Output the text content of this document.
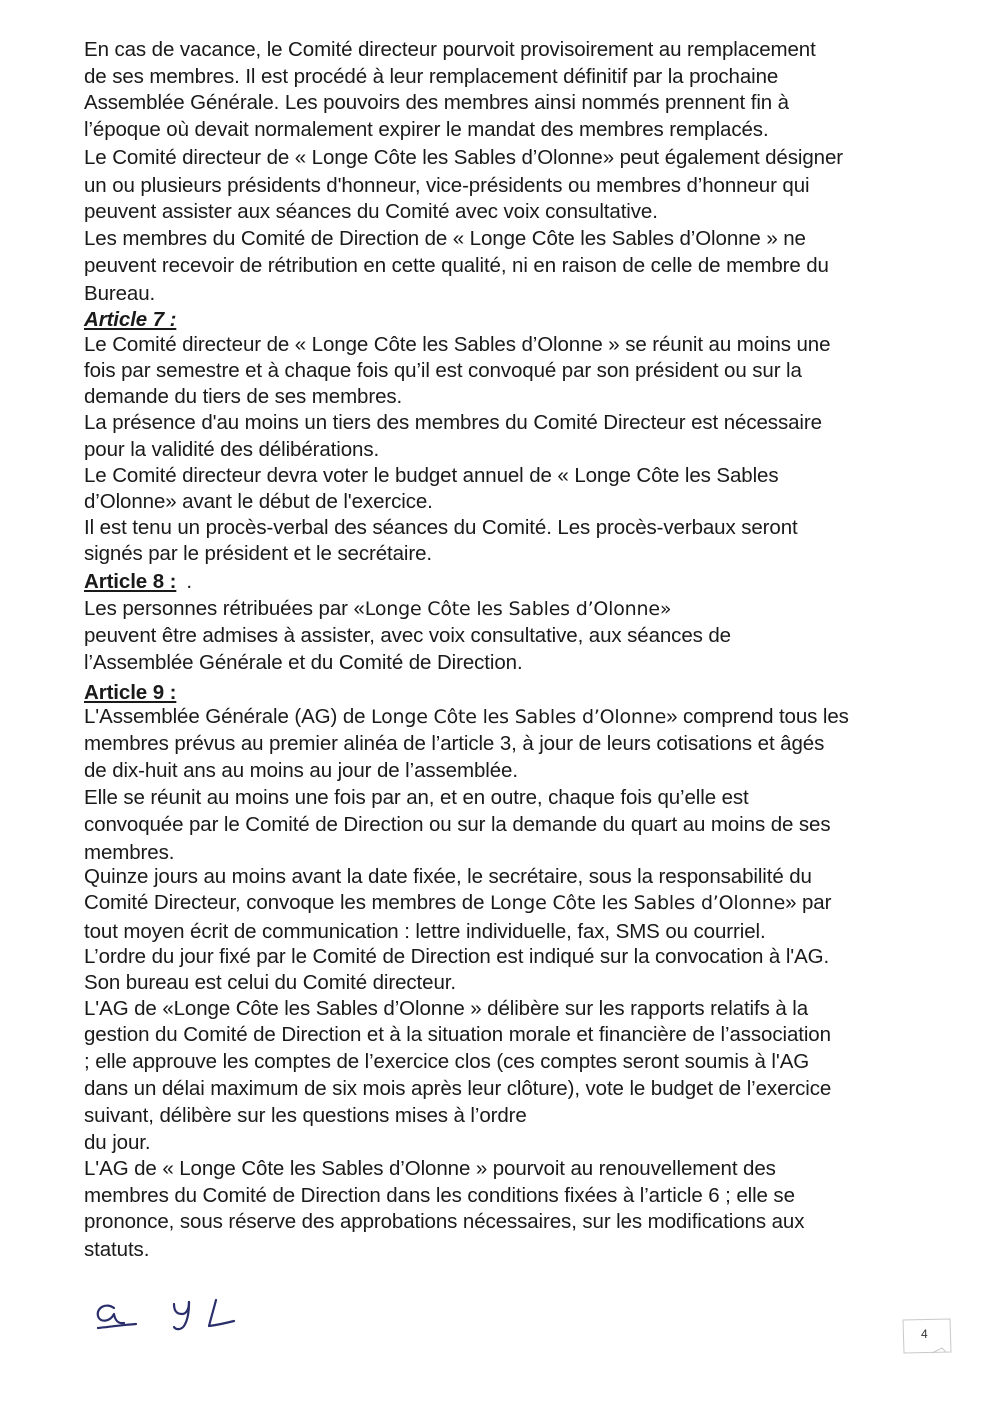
En cas de vacance, le Comité directeur pourvoit provisoirement au remplacement
de ses membres. Il est procédé à leur remplacement définitif par la prochaine
Assemblée Générale. Les pouvoirs des membres ainsi nommés prennent fin à
l’époque où devait normalement expirer le mandat des membres remplacés.
Le Comité directeur de « Longe Côte les Sables d’Olonne» peut également désigner
un ou plusieurs présidents d'honneur, vice-présidents ou membres d’honneur qui
peuvent assister aux séances du Comité avec voix consultative.
Les membres du Comité de Direction de « Longe Côte les Sables d’Olonne » ne
peuvent recevoir de rétribution en cette qualité, ni en raison de celle de membre du
Bureau.
Article 7 :
Le Comité directeur de « Longe Côte les Sables d’Olonne » se réunit au moins une
fois par semestre et à chaque fois qu’il est convoqué par son président ou sur la
demande du tiers de ses membres.
La présence d'au moins un tiers des membres du Comité Directeur est nécessaire
pour la validité des délibérations.
Le Comité directeur devra voter le budget annuel de « Longe Côte les Sables
d’Olonne» avant le début de l'exercice.
Il est tenu un procès-verbal des séances du Comité. Les procès-verbaux seront
signés par le président et le secrétaire.
Article 8 : .
Les personnes rétribuées par «Longe Côte les Sables d’Olonne»
peuvent être admises à assister, avec voix consultative, aux séances de
l’Assemblée Générale et du Comité de Direction.
Article 9 :
L'Assemblée Générale (AG) de Longe Côte les Sables d’Olonne» comprend tous les
membres prévus au premier alinéa de l’article 3, à jour de leurs cotisations et âgés
de dix-huit ans au moins au jour de l’assemblée.
Elle se réunit au moins une fois par an, et en outre, chaque fois qu’elle est
convoquée par le Comité de Direction ou sur la demande du quart au moins de ses
membres.
Quinze jours au moins avant la date fixée, le secrétaire, sous la responsabilité du
Comité Directeur, convoque les membres de Longe Côte les Sables d’Olonne» par
tout moyen écrit de communication : lettre individuelle, fax, SMS ou courriel.
L’ordre du jour fixé par le Comité de Direction est indiqué sur la convocation à l'AG.
Son bureau est celui du Comité directeur.
L'AG de «Longe Côte les Sables d’Olonne » délibère sur les rapports relatifs à la
gestion du Comité de Direction et à la situation morale et financière de l’association
; elle approuve les comptes de l’exercice clos (ces comptes seront soumis à l'AG
dans un délai maximum de six mois après leur clôture), vote le budget de l’exercice
suivant, délibère sur les questions mises à l’ordre
du jour.
L'AG de « Longe Côte les Sables d’Olonne » pourvoit au renouvellement des
membres du Comité de Direction dans les conditions fixées à l’article 6 ; elle se
prononce, sous réserve des approbations nécessaires, sur les modifications aux
statuts.
4
